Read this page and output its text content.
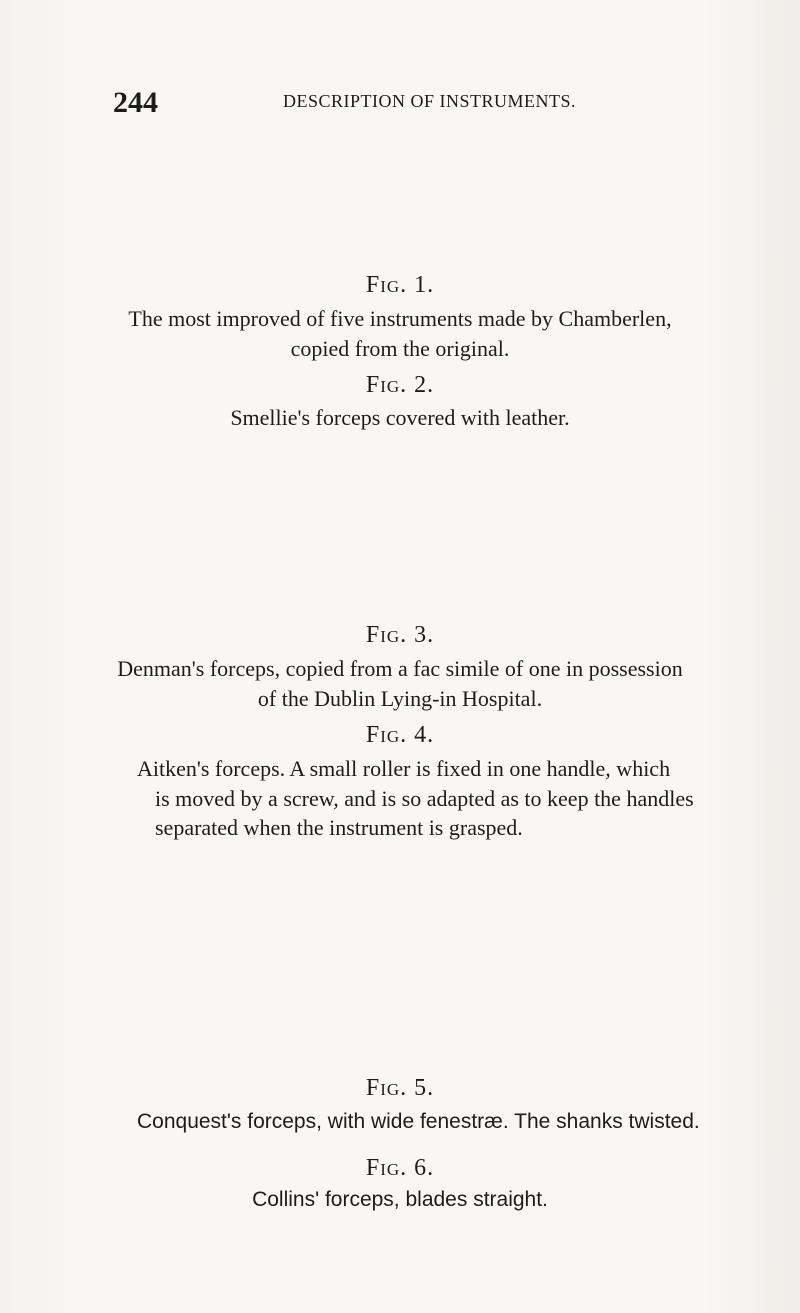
244	DESCRIPTION OF INSTRUMENTS.
Fig. 1.
The most improved of five instruments made by Chamberlen,
copied from the original.
Fig. 2.
Smellie's forceps covered with leather.
Fig. 3.
Denman's forceps, copied from a fac simile of one in possession
of the Dublin Lying-in Hospital.
Fig. 4.
Aitken's forceps. A small roller is fixed in one handle, which
is moved by a screw, and is so adapted as to keep the handles
separated when the instrument is grasped.
Fig. 5.
Conquest's forceps, with wide fenestræ. The shanks twisted.
Fig. 6.
Collins' forceps, blades straight.
